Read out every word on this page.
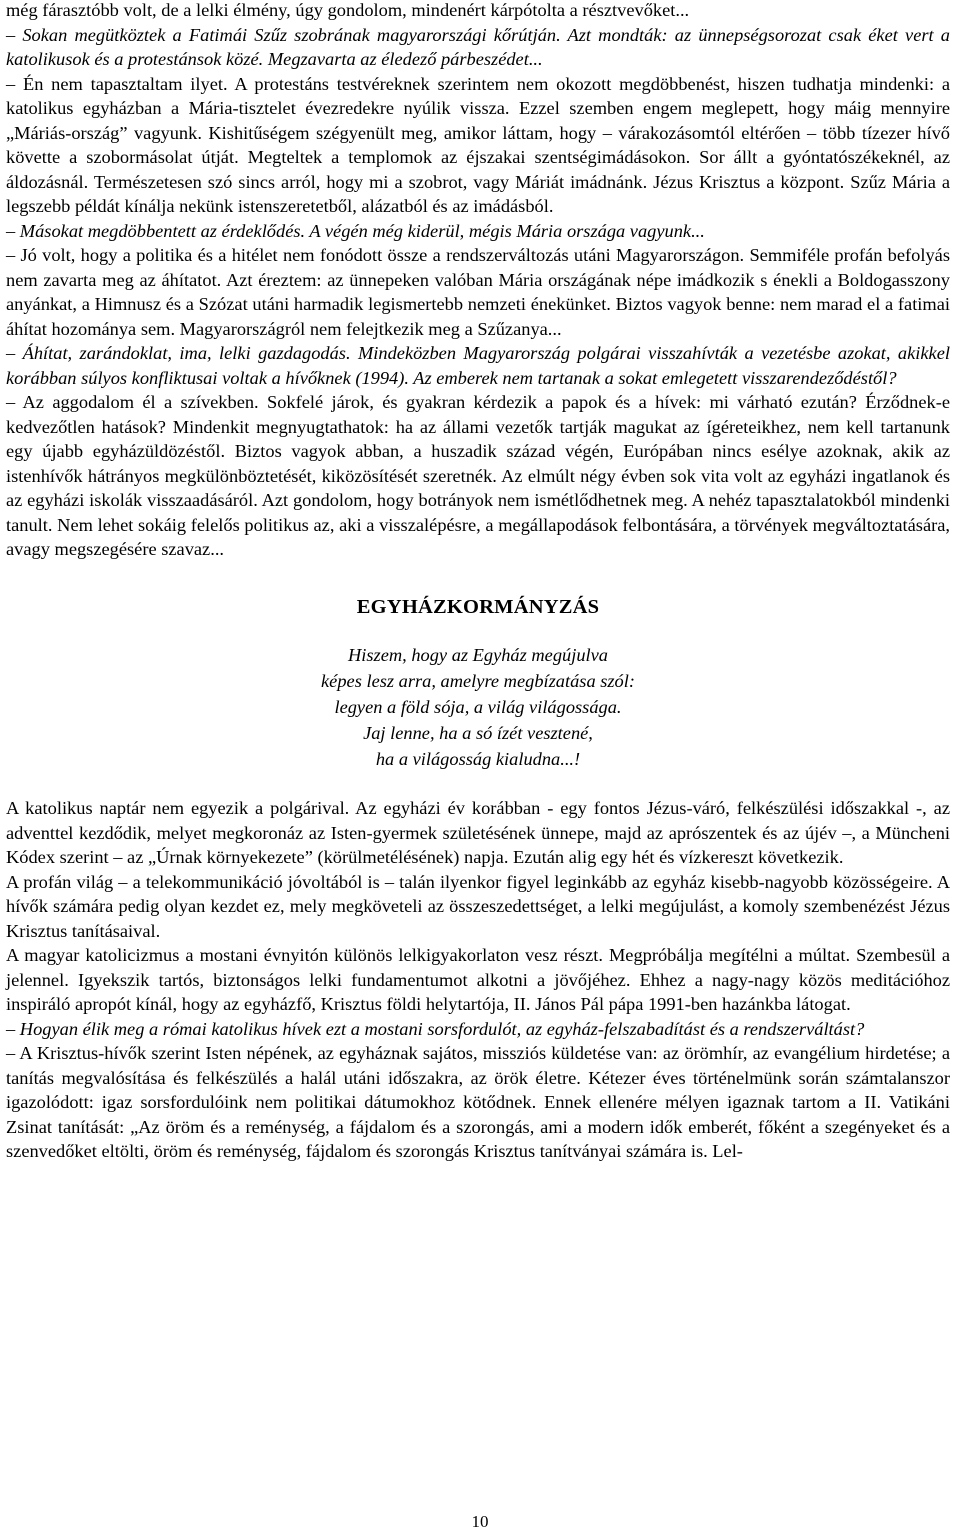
még fárasztóbb volt, de a lelki élmény, úgy gondolom, mindenért kárpótolta a résztvevőket...

– Sokan megütköztek a Fatimái Szűz szobrának magyarországi kőrútján. Azt mondták: az ünnepségsorozat csak éket vert a katolikusok és a protestánsok közé. Megzavarta az éledező párbeszédet...

– Én nem tapasztaltam ilyet. A protestáns testvéreknek szerintem nem okozott megdöbbenést, hiszen tudhatja mindenki: a katolikus egyházban a Mária-tisztelet évezredekre nyúlik vissza. Ezzel szemben engem meglepett, hogy máig mennyire „Máriás-ország” vagyunk. Kishitűségem szégyenült meg, amikor láttam, hogy – várakozásomtól eltérően – több tízezer hívő követte a szobormásolat útját. Megteltek a templomok az éjszakai szentségimádásokon. Sor állt a gyóntatószékeknél, az áldozásnál. Természetesen szó sincs arról, hogy mi a szobrot, vagy Máriát imádnánk. Jézus Krisztus a központ. Szűz Mária a legszebb példát kínálja nekünk istenszeretetből, alázatból és az imádásból.

– Másokat megdöbbentett az érdeklődés. A végén még kiderül, mégis Mária országa vagyunk...

– Jó volt, hogy a politika és a hitélet nem fonódott össze a rendszerváltozás utáni Magyarországon. Semmiféle profán befolyás nem zavarta meg az áhítatot. Azt éreztem: az ünnepeken valóban Mária országának népe imádkozik s énekli a Boldogasszony anyánkat, a Himnusz és a Szózat utáni harmadik legismertebb nemzeti énekünket. Biztos vagyok benne: nem marad el a fatimai áhítat hozománya sem. Magyarországról nem felejtkezik meg a Szűzanya...

– Áhítat, zarándoklat, ima, lelki gazdagodás. Mindeközben Magyarország polgárai visszahívták a vezetésbe azokat, akikkel korábban súlyos konfliktusai voltak a hívőknek (1994). Az emberek nem tartanak a sokat emlegetett visszarendeződéstől?

– Az aggodalom él a szívekben. Sokfelé járok, és gyakran kérdezik a papok és a hívek: mi várható ezután? Érződnek-e kedvezőtlen hatások? Mindenkit megnyugtathatok: ha az állami vezetők tartják magukat az ígéreteikhez, nem kell tartanunk egy újabb egyházüldözéstől. Biztos vagyok abban, a huszadik század végén, Európában nincs esélye azoknak, akik az istenhívők hátrányos megkülönböztetését, kiközösítését szeretnék. Az elmúlt négy évben sok vita volt az egyházi ingatlanok és az egyházi iskolák visszaadásáról. Azt gondolom, hogy botrányok nem ismétlődhetnek meg. A nehéz tapasztalatokból mindenki tanult. Nem lehet sokáig felelős politikus az, aki a visszalépésre, a megállapodások felbontására, a törvények megváltoztatására, avagy megszegésére szavaz...

EGYHÁZKORMÁNYZÁS
Hiszem, hogy az Egyház megújulva
képes lesz arra, amelyre megbízatása szól:
legyen a föld sója, a világ világossága.
Jaj lenne, ha a só ízét vesztené,
ha a világosság kialudna...!

A katolikus naptár nem egyezik a polgárival. Az egyházi év korábban - egy fontos Jézus-váró, felkészülési időszakkal -, az adventtel kezdődik, melyet megkoronáz az Isten-gyermek születésének ünnepe, majd az aprószentek és az újév –, a Müncheni Kódex szerint – az „Úrnak környekezete” (körülmetélésének) napja. Ezután alig egy hét és vízkereszt következik.

A profán világ – a telekommunikáció jóvoltából is – talán ilyenkor figyel leginkább az egyház kisebb-nagyobb közösségeire. A hívők számára pedig olyan kezdet ez, mely megköveteli az összeszedettséget, a lelki megújulást, a komoly szembenézést Jézus Krisztus tanításaival.

A magyar katolicizmus a mostani évnyitón különös lelkigyakorlaton vesz részt. Megpróbálja megítélni a múltat. Szembesül a jelennel. Igyekszik tartós, biztonságos lelki fundamentumot alkotni a jövőjéhez. Ehhez a nagy-nagy közös meditációhoz inspiráló apropót kínál, hogy az egyházfő, Krisztus földi helytartója, II. János Pál pápa 1991-ben hazánkba látogat.

– Hogyan élik meg a római katolikus hívek ezt a mostani sorsfordulót, az egyház-felszabadítást és a rendszerváltást?

– A Krisztus-hívők szerint Isten népének, az egyháznak sajátos, missziós küldetése van: az örömhír, az evangélium hirdetése; a tanítás megvalósítása és felkészülés a halál utáni időszakra, az örök életre. Kétezer éves történelmünk során számtalanszor igazolódott: igaz sorsfordulóink nem politikai dátumokhoz kötődnek. Ennek ellenére mélyen igaznak tartom a II. Vatikáni Zsinat tanítását: „Az öröm és a reménység, a fájdalom és a szorongás, ami a modern idők emberét, főként a szegényeket és a szenvedőket eltölti, öröm és reménység, fájdalom és szorongás Krisztus tanítványai számára is. Lel-

10
